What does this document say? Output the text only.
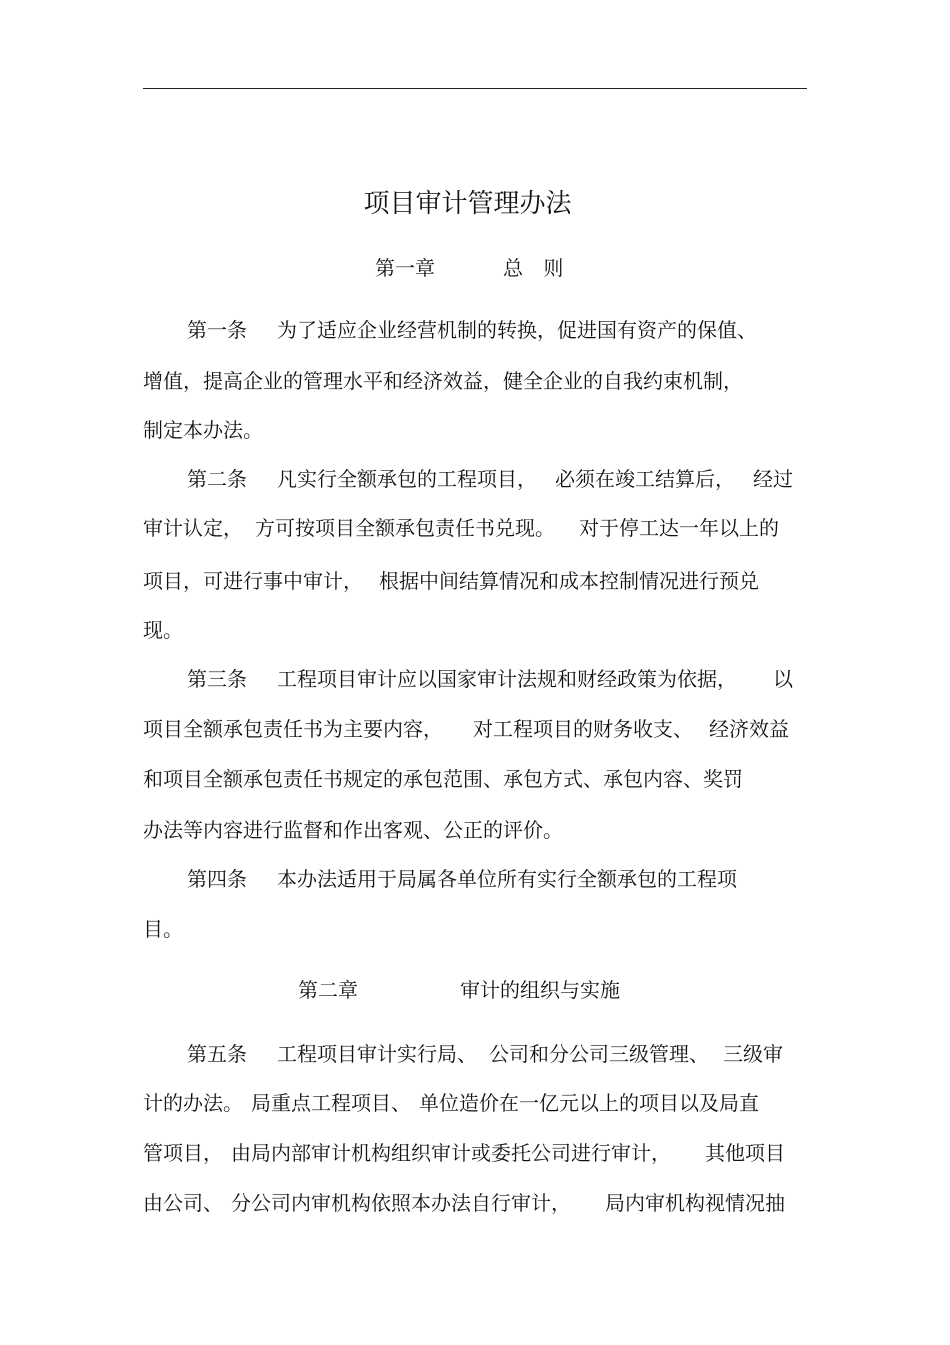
项目审计管理办法
第一章	总 则
第一条 为了适应企业经营机制的转换，促进国有资产的保值、
增值，提高企业的管理水平和经济效益，健全企业的自我约束机制，
制定本办法。
第二条 凡实行全额承包的工程项目， 必须在竣工结算后， 经过
审计认定， 方可按项目全额承包责任书兑现。 对于停工达一年以上的
项目，可进行事中审计， 根据中间结算情况和成本控制情况进行预兑
现。
第三条 工程项目审计应以国家审计法规和财经政策为依据， 以
项目全额承包责任书为主要内容， 对工程项目的财务收支、 经济效益
和项目全额承包责任书规定的承包范围、承包方式、承包内容、奖罚
办法等内容进行监督和作出客观、公正的评价。
第四条 本办法适用于局属各单位所有实行全额承包的工程项
目。
第二章	审计的组织与实施
第五条 工程项目审计实行局、 公司和分公司三级管理、 三级审
计的办法。 局重点工程项目、 单位造价在一亿元以上的项目以及局直
管项目， 由局内部审计机构组织审计或委托公司进行审计， 其他项目
由公司、 分公司内审机构依照本办法自行审计， 局内审机构视情况抽
